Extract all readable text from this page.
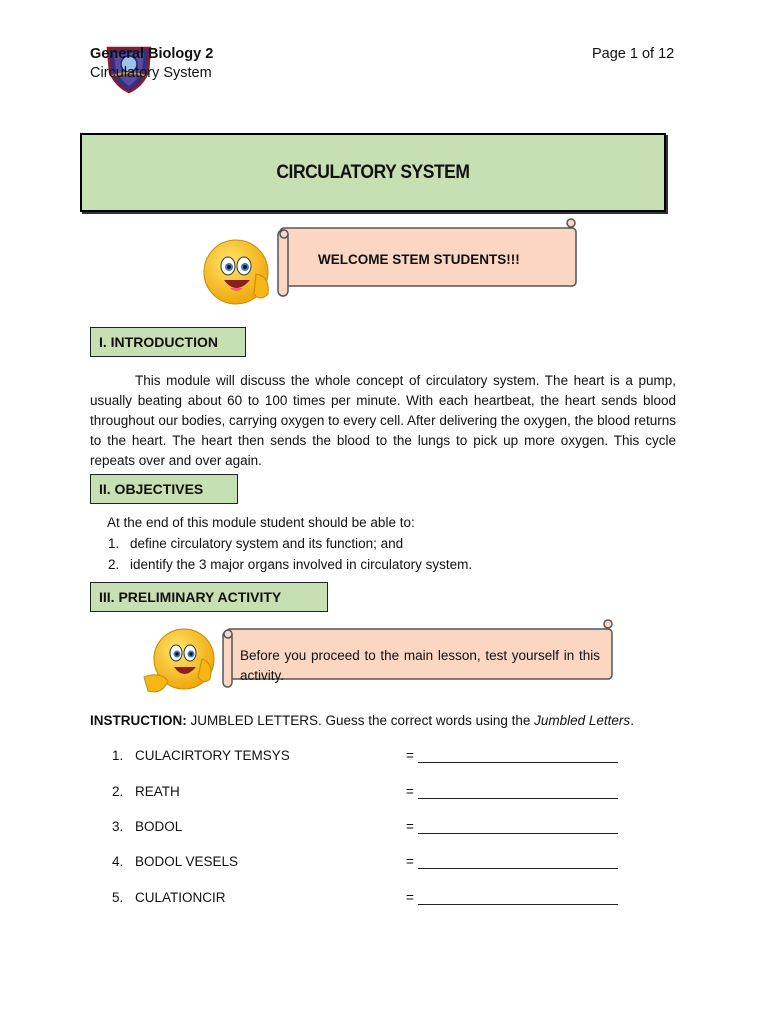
General Biology 2
Circulatory System
Page 1 of 12
CIRCULATORY SYSTEM
WELCOME STEM STUDENTS!!!
I. INTRODUCTION
This module will discuss the whole concept of circulatory system. The heart is a pump, usually beating about 60 to 100 times per minute. With each heartbeat, the heart sends blood throughout our bodies, carrying oxygen to every cell. After delivering the oxygen, the blood returns to the heart. The heart then sends the blood to the lungs to pick up more oxygen. This cycle repeats over and over again.
II. OBJECTIVES
At the end of this module student should be able to:
1. define circulatory system and its function; and
2. identify the 3 major organs involved in circulatory system.
III. PRELIMINARY ACTIVITY
Before you proceed to the main lesson, test yourself in this activity.
INSTRUCTION: JUMBLED LETTERS. Guess the correct words using the Jumbled Letters.
1. CULACIRTORY TEMSYS	=
2. REATH	=
3. BODOL	=
4. BODOL VESELS	=
5. CULATIONCIR	=
